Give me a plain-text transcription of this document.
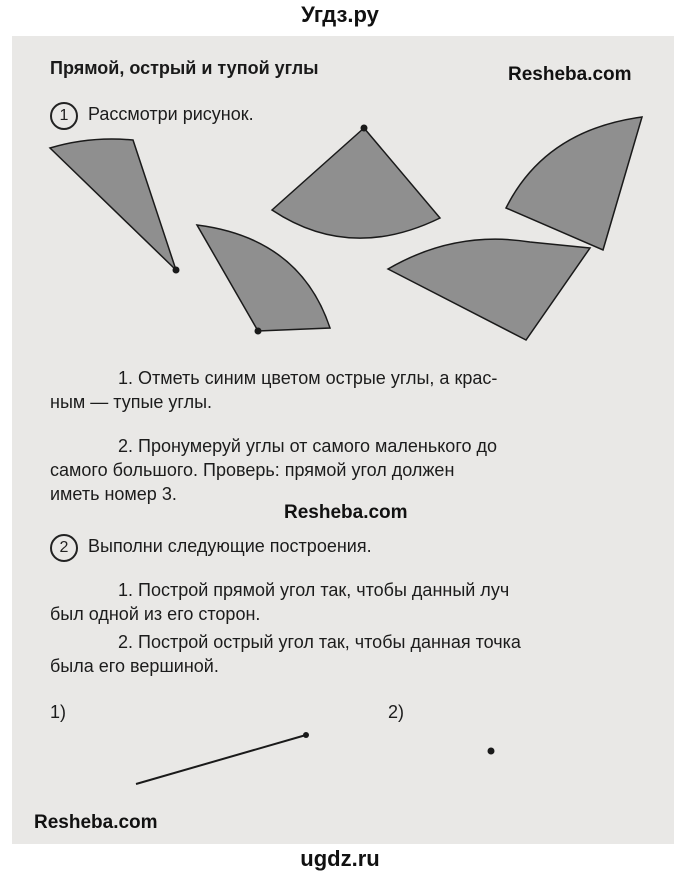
Угдз.ру
Прямой, острый и тупой углы	Resheba.com
1	Рассмотри рисунок.
1. Отметь синим цветом острые углы, а крас-
ным — тупые углы.
2. Пронумеруй углы от самого маленького до
самого большого. Проверь: прямой угол должен
иметь номер 3.
Resheba.com
2	Выполни следующие построения.
1. Построй прямой угол так, чтобы данный луч
был одной из его сторон.
2. Построй острый угол так, чтобы данная точка
была его вершиной.
1)	2)
Resheba.com
ugdz.ru
